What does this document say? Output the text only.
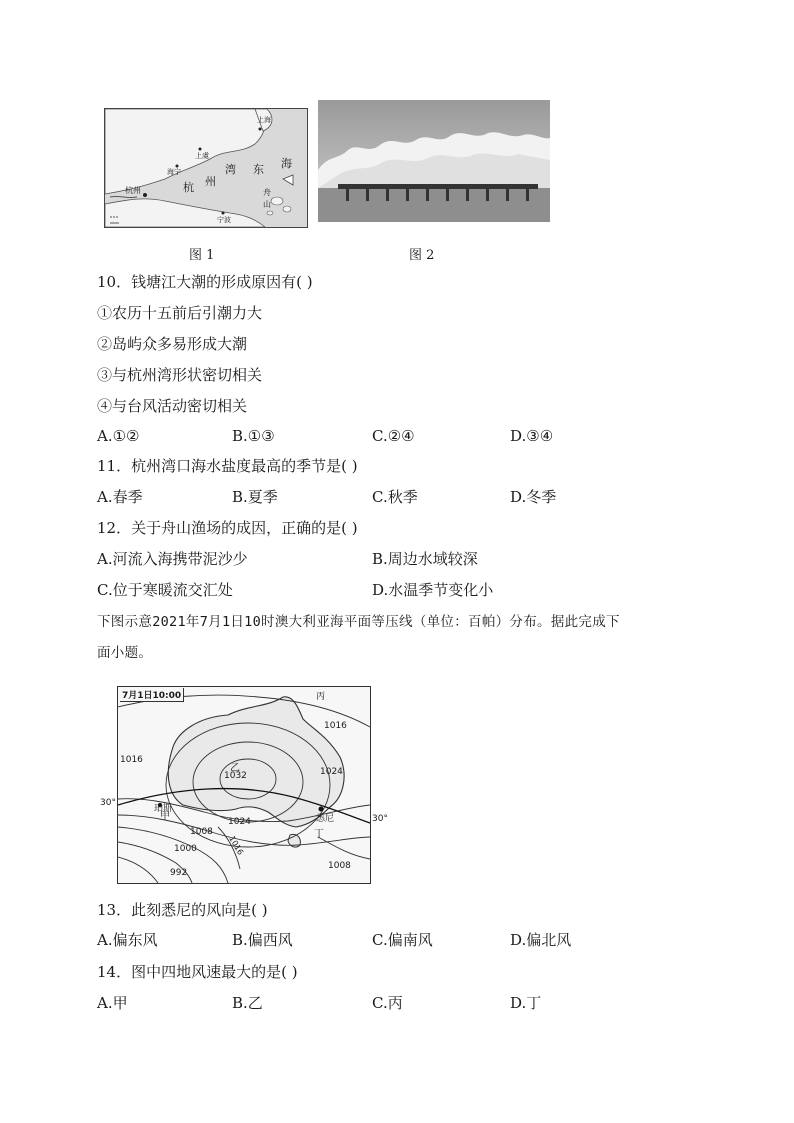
杭州
上海
海宁
上虞
宁波
杭 州
湾 东 海
舟
山
图 1	图 2
10．钱塘江大潮的形成原因有( )
①农历十五前后引潮力大
②岛屿众多易形成大潮
③与杭州湾形状密切相关
④与台风活动密切相关
A.①②	B.①③	C.②④	D.③④
11．杭州湾口海水盐度最高的季节是( )
A.春季	B.夏季	C.秋季	D.冬季
12．关于舟山渔场的成因，正确的是( )
A.河流入海携带泥沙少	B.周边水域较深
C.位于寒暖流交汇处	D.水温季节变化小
下图示意2021年7月1日10时澳大利亚海平面等压线（单位：百帕）分布。据此完成下
面小题。
7月1日10:00
1016
1016
1024
1032
1024
1008
1000
992
1016
1008
珀斯
悉尼
甲
乙
丙
丁
30°
30°
13．此刻悉尼的风向是( )
A.偏东风	B.偏西风	C.偏南风	D.偏北风
14．图中四地风速最大的是( )
A.甲	B.乙	C.丙	D.丁
